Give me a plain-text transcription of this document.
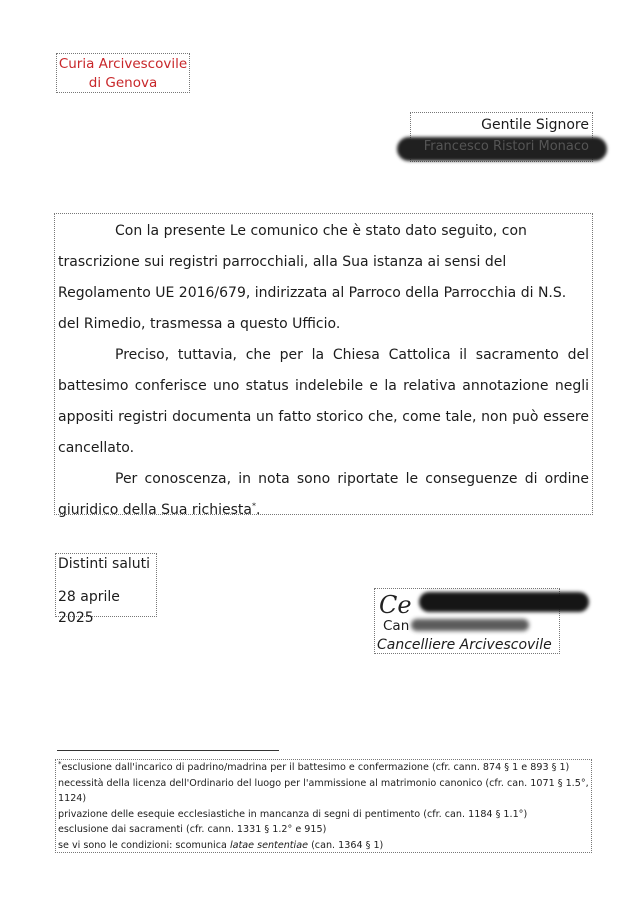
Curia Arcivescovile
di Genova
Gentile Signore
Francesco Ristori Monaco

Con la presente Le comunico che è stato dato seguito, con trascrizione sui registri parrocchiali, alla Sua istanza ai sensi del Regolamento UE 2016/679, indirizzata al Parroco della Parrocchia di N.S. del Rimedio, trasmessa a questo Ufficio.

Preciso, tuttavia, che per la Chiesa Cattolica il sacramento del battesimo conferisce uno status indelebile e la relativa annotazione negli appositi registri documenta un fatto storico che, come tale, non può essere cancellato.

Per conoscenza, in nota sono riportate le conseguenze di ordine giuridico della Sua richiesta*.

Distinti saluti
28 aprile 2025	Ce
Can
Cancelliere Arcivescovile
*esclusione dall'incarico di padrino/madrina per il battesimo e confermazione (cfr. cann. 874 § 1 e 893 § 1)
necessità della licenza dell'Ordinario del luogo per l'ammissione al matrimonio canonico (cfr. can. 1071 § 1.5°, 1124)
privazione delle esequie ecclesiastiche in mancanza di segni di pentimento (cfr. can. 1184 § 1.1°)
esclusione dai sacramenti (cfr. cann. 1331 § 1.2° e 915)
se vi sono le condizioni: scomunica latae sententiae (can. 1364 § 1)
